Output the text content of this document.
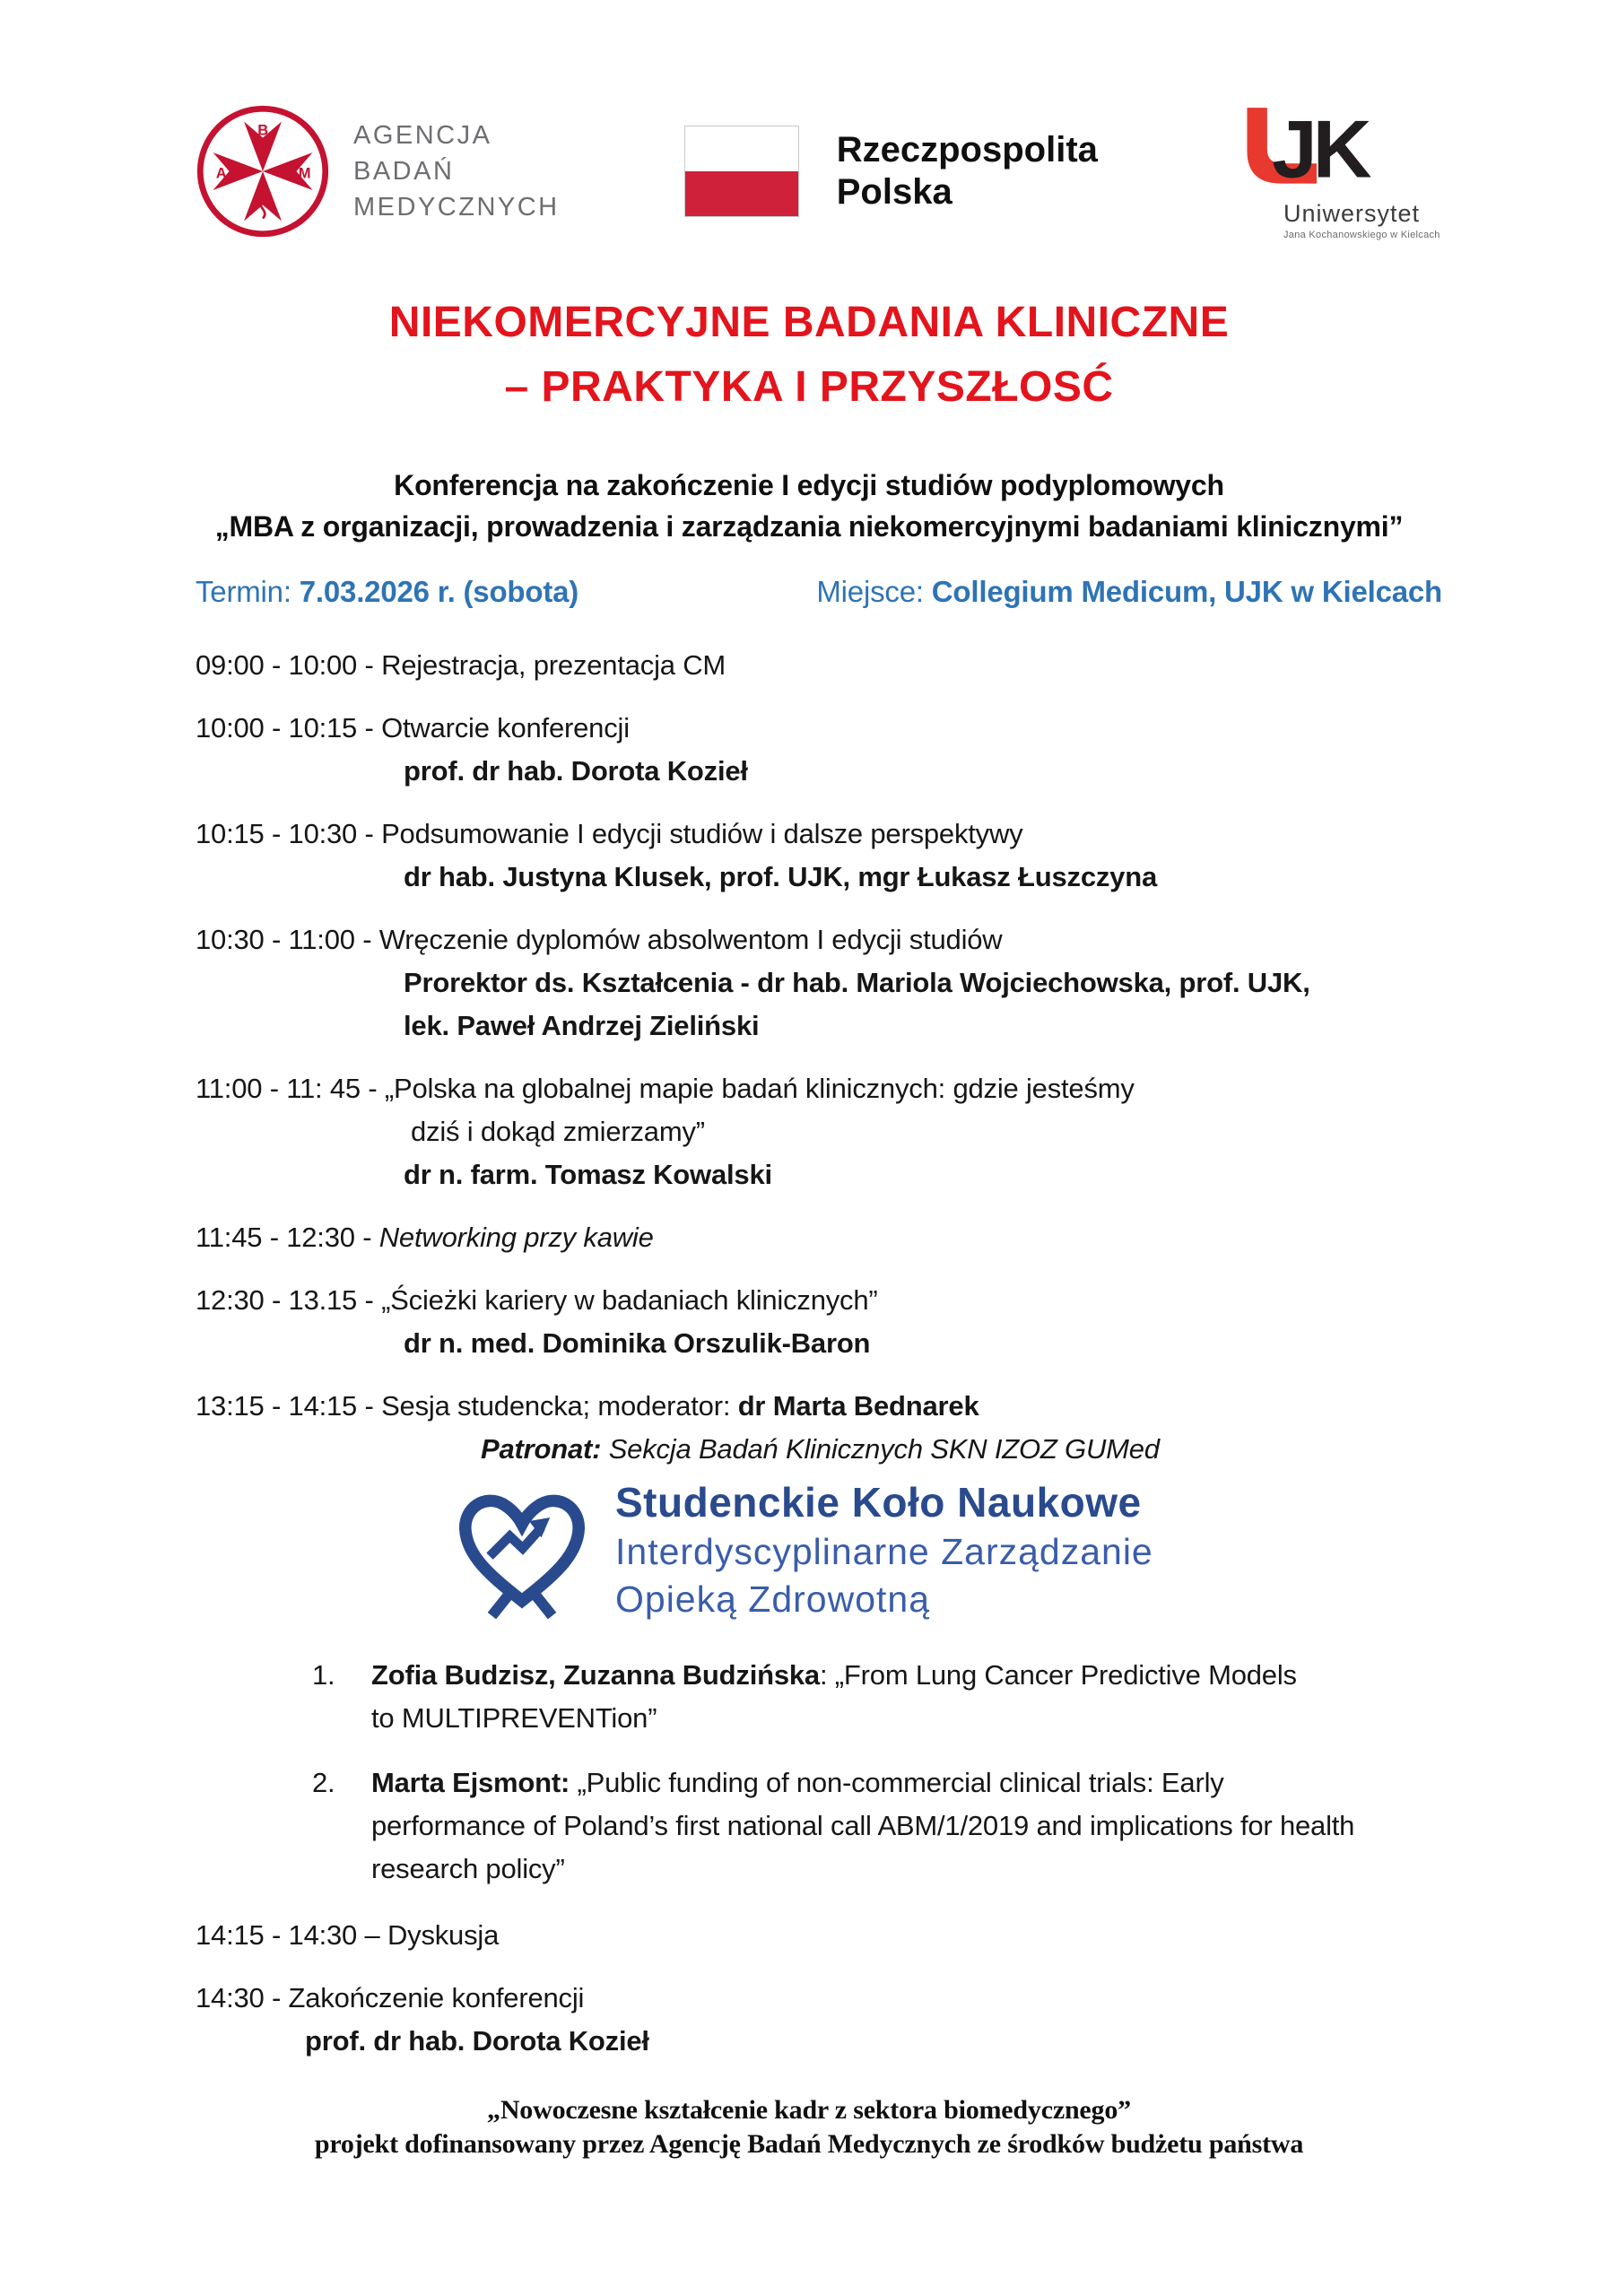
B
A	M
AGENCJA
BADAŃ
MEDYCZNYCH
Rzeczpospolita
Polska	JK
Uniwersytet
Jana Kochanowskiego w Kielcach
NIEKOMERCYJNE BADANIA KLINICZNE
– PRAKTYKA I PRZYSZŁOSĆ
Konferencja na zakończenie I edycji studiów podyplomowych
„MBA z organizacji, prowadzenia i zarządzania niekomercyjnymi badaniami klinicznymi”
Termin: 7.03.2026 r. (sobota)	Miejsce: Collegium Medicum, UJK w Kielcach
09:00 - 10:00 - Rejestracja, prezentacja CM
10:00 - 10:15 - Otwarcie konferencji
prof. dr hab. Dorota Kozieł
10:15 - 10:30 - Podsumowanie I edycji studiów i dalsze perspektywy
dr hab. Justyna Klusek, prof. UJK, mgr Łukasz Łuszczyna
10:30 - 11:00 - Wręczenie dyplomów absolwentom I edycji studiów
Prorektor ds. Kształcenia - dr hab. Mariola Wojciechowska, prof. UJK,
lek. Paweł Andrzej Zieliński
11:00 - 11: 45 - „Polska na globalnej mapie badań klinicznych: gdzie jesteśmy
dziś i dokąd zmierzamy”
dr n. farm. Tomasz Kowalski
11:45 - 12:30 - Networking przy kawie
12:30 - 13.15 - „Ścieżki kariery w badaniach klinicznych”
dr n. med. Dominika Orszulik-Baron
13:15 - 14:15 - Sesja studencka; moderator: dr Marta Bednarek
Patronat: Sekcja Badań Klinicznych SKN IZOZ GUMed
Studenckie Koło Naukowe
Interdyscyplinarne Zarządzanie
Opieką Zdrowotną
1.	Zofia Budzisz, Zuzanna Budzińska: „From Lung Cancer Predictive Models
to MULTIPREVENTion”
2.	Marta Ejsmont: „Public funding of non-commercial clinical trials: Early
performance of Poland’s first national call ABM/1/2019 and implications for health
research policy”
14:15 - 14:30 – Dyskusja
14:30 - Zakończenie konferencji
prof. dr hab. Dorota Kozieł
„Nowoczesne kształcenie kadr z sektora biomedycznego”
projekt dofinansowany przez Agencję Badań Medycznych ze środków budżetu państwa
